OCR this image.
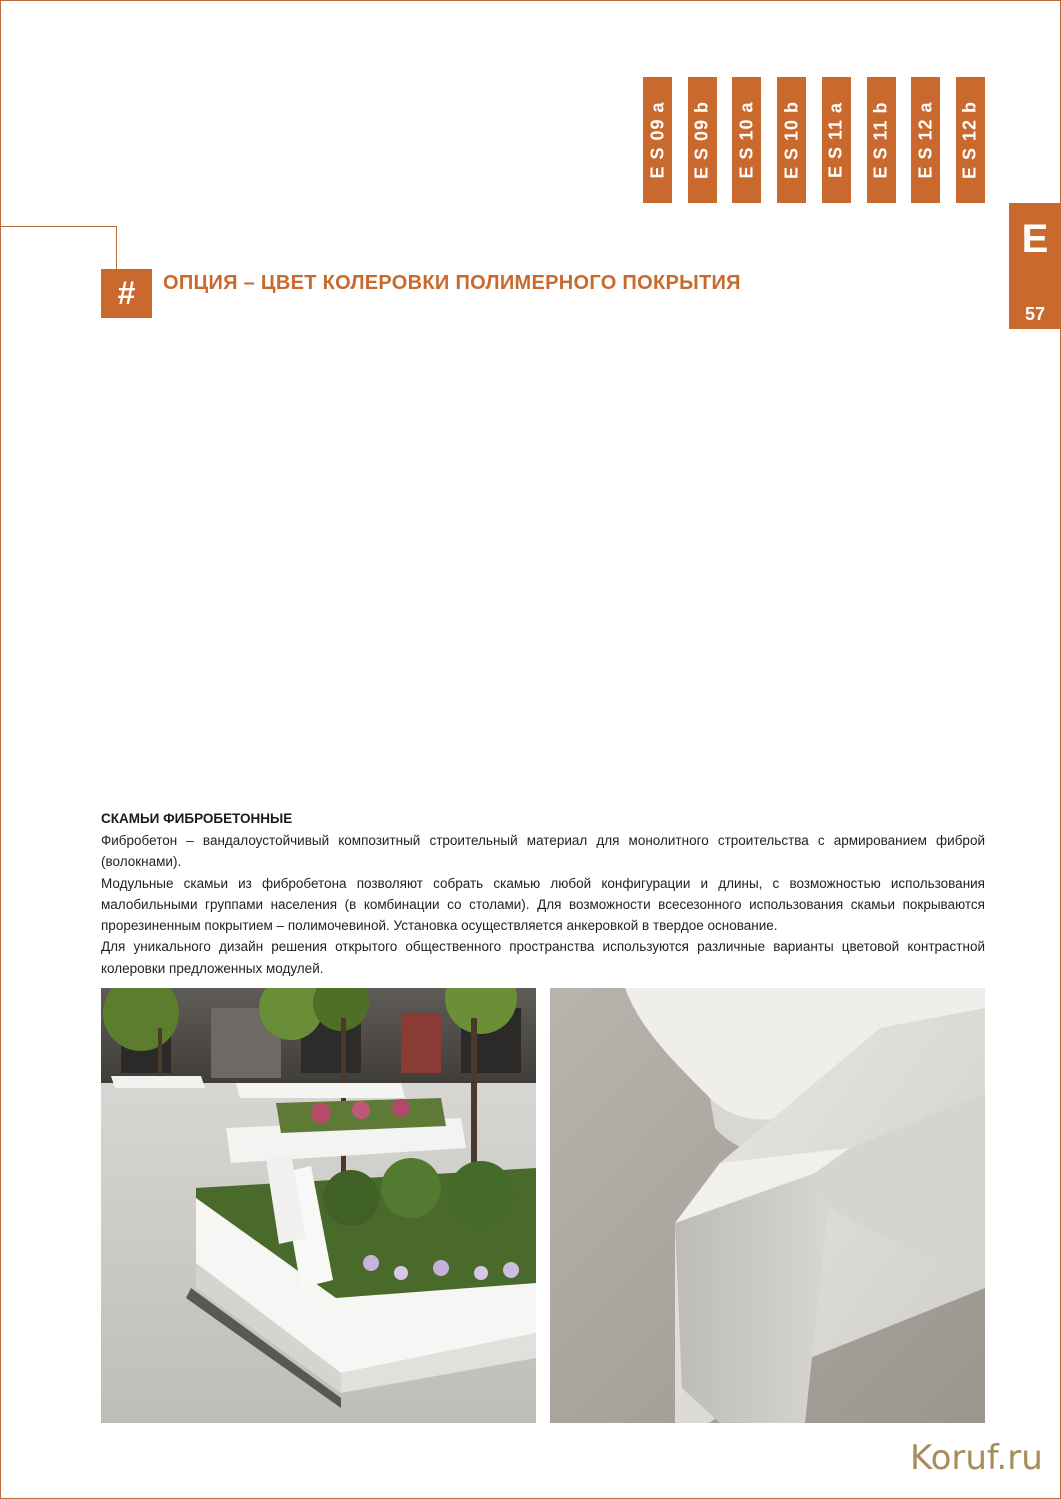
E S 09 a E S 09 b E S 10 a E S 10 b E S 11 a E S 11 b E S 12 a E S 12 b
E
57
#	ОПЦИЯ – ЦВЕТ КОЛЕРОВКИ ПОЛИМЕРНОГО ПОКРЫТИЯ
СКАМЬИ ФИБРОБЕТОННЫЕ

Фибробетон – вандалоустойчивый композитный строительный материал для монолитного строительства с армированием фиброй (волокнами).

Модульные скамьи из фибробетона позволяют собрать скамью любой конфигурации и длины, с возможностью использования малобильными группами населения (в комбинации со столами). Для возможности всесезонного использования скамьи покрываются прорезиненным покрытием – полимочевиной. Установка осуществляется анкеровкой в твердое основание.

Для уникального дизайн решения открытого общественного пространства используются различные варианты цветовой контрастной колеровки предложенных модулей.

Koruf.ru
